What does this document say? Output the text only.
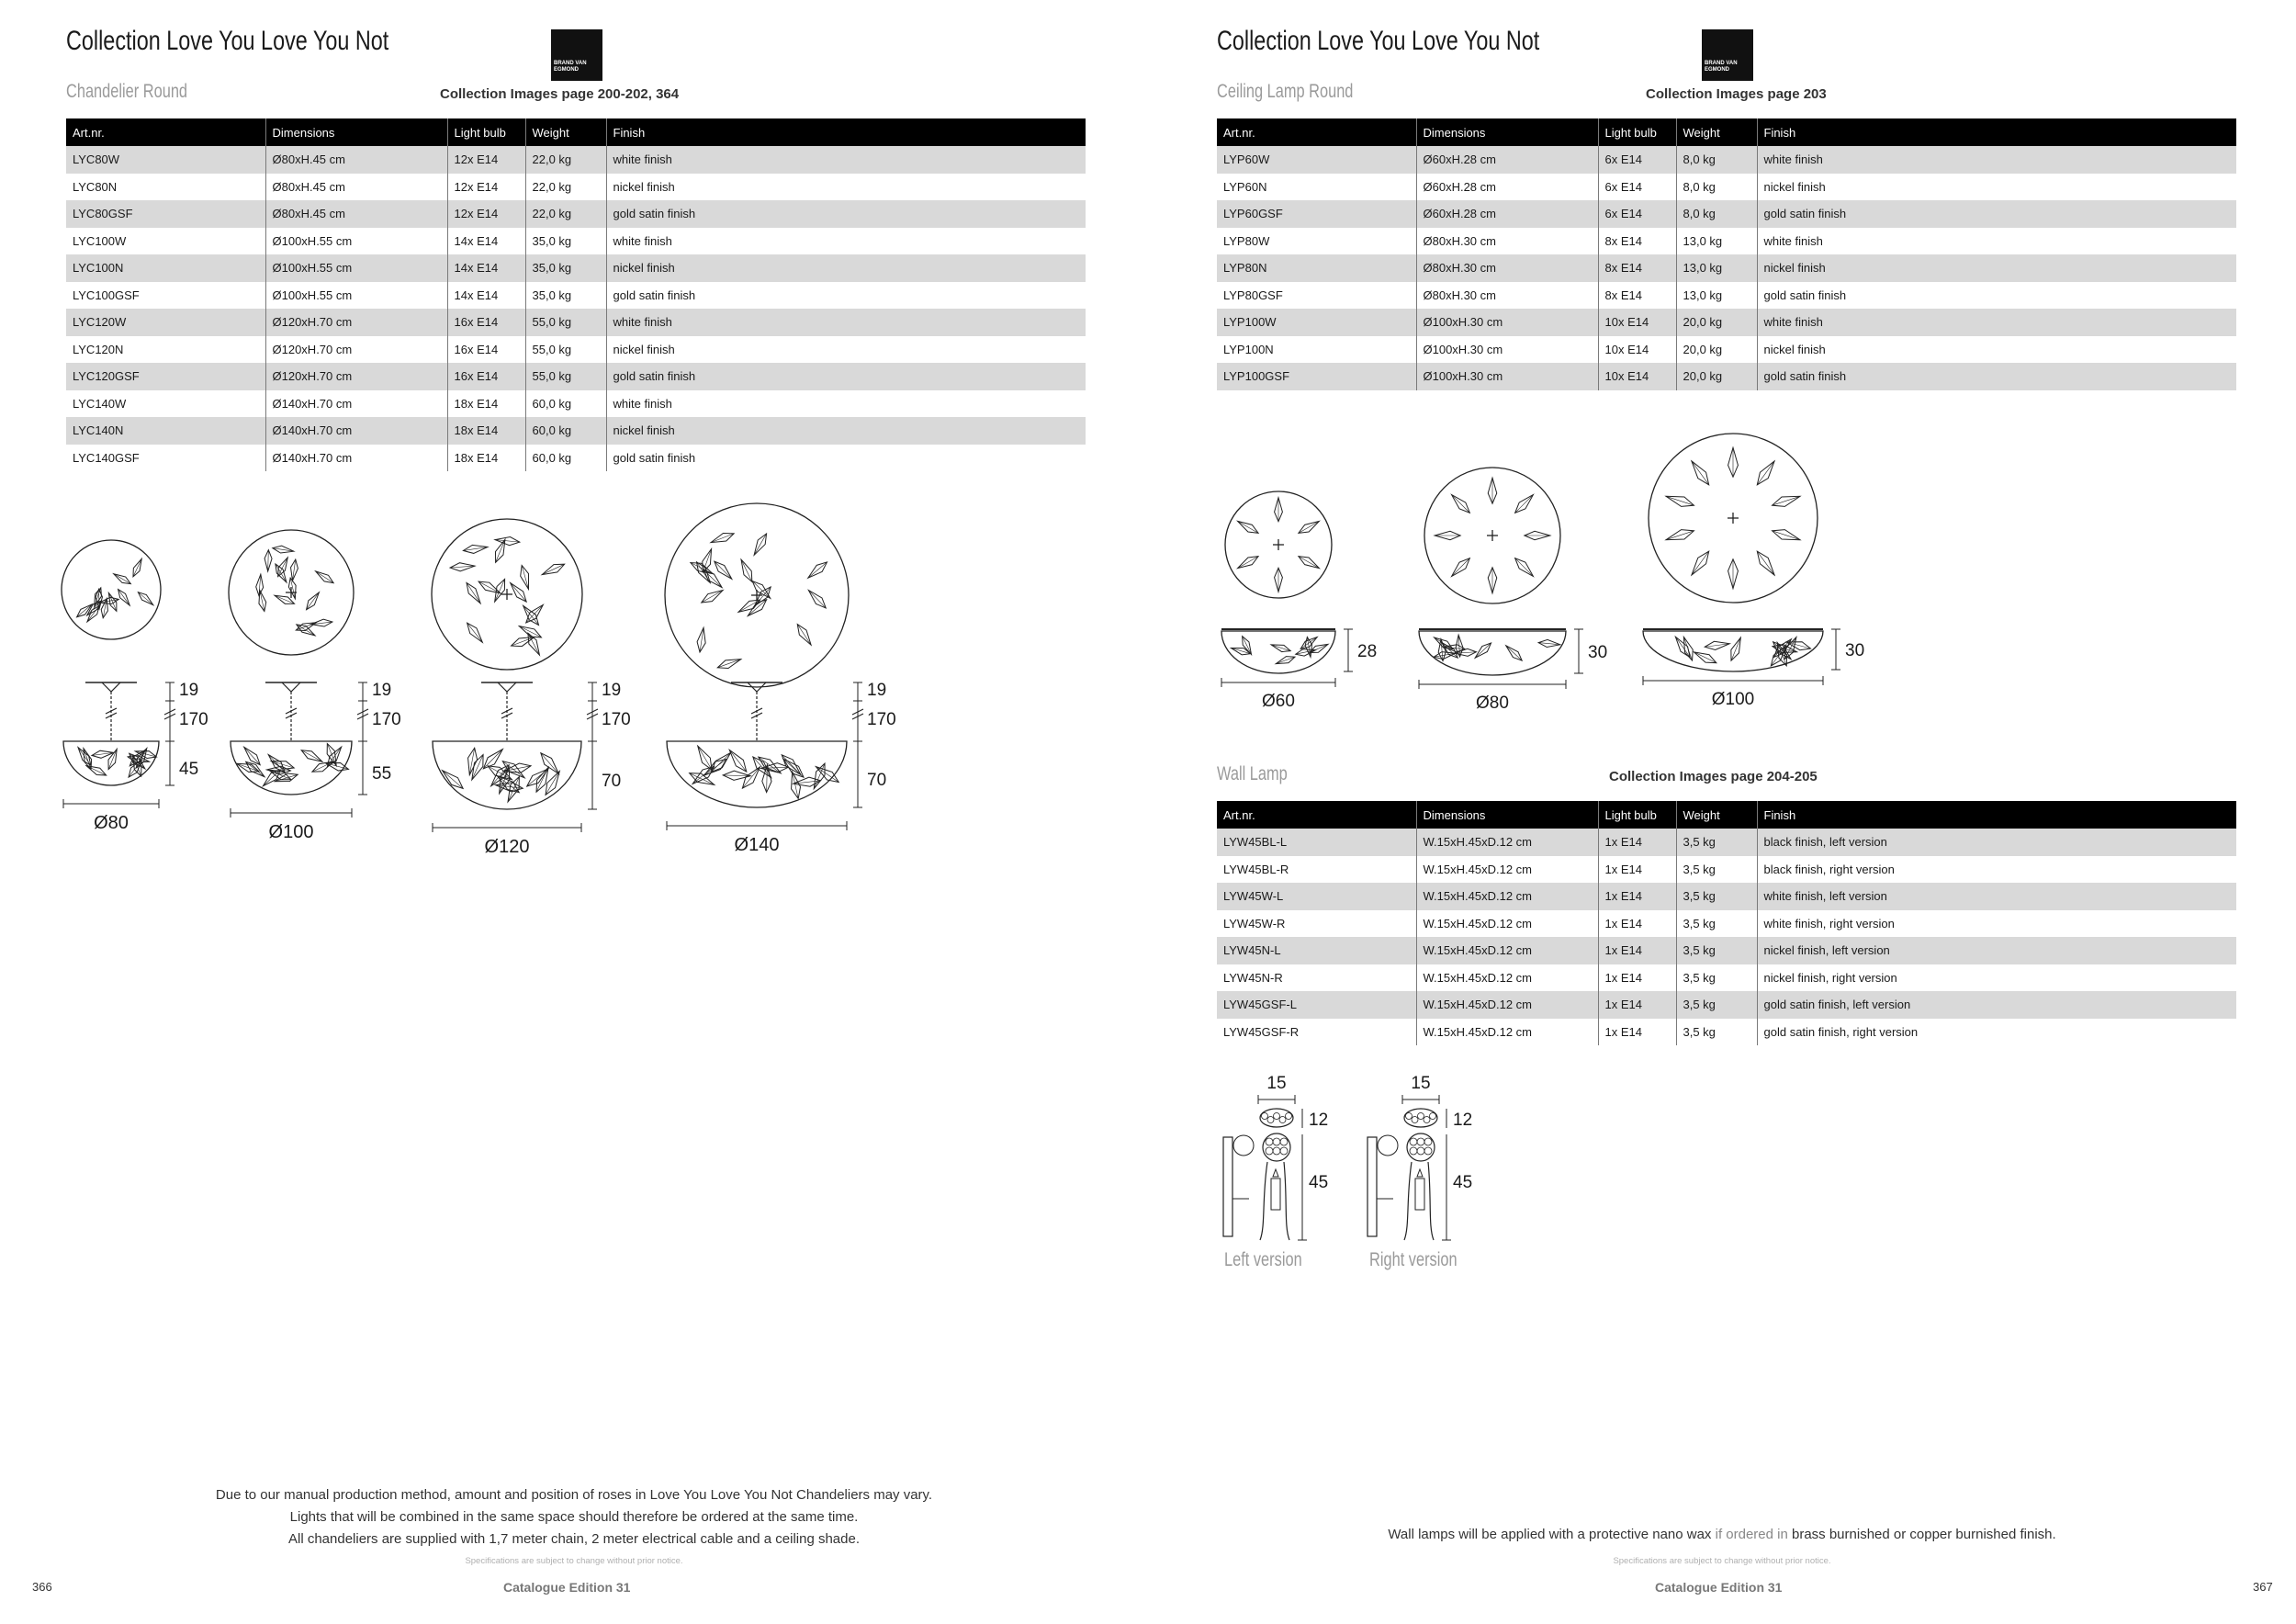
Collection Love You Love You Not
BRAND VAN
EGMOND
Chandelier Round	Collection Images page 200-202, 364
Art.nr.	Dimensions	Light bulb	Weight	Finish
LYC80W	Ø80xH.45 cm	12x E14	22,0 kg	white finish
LYC80N	Ø80xH.45 cm	12x E14	22,0 kg	nickel finish
LYC80GSF	Ø80xH.45 cm	12x E14	22,0 kg	gold satin finish
LYC100W	Ø100xH.55 cm	14x E14	35,0 kg	white finish
LYC100N	Ø100xH.55 cm	14x E14	35,0 kg	nickel finish
LYC100GSF	Ø100xH.55 cm	14x E14	35,0 kg	gold satin finish
LYC120W	Ø120xH.70 cm	16x E14	55,0 kg	white finish
LYC120N	Ø120xH.70 cm	16x E14	55,0 kg	nickel finish
LYC120GSF	Ø120xH.70 cm	16x E14	55,0 kg	gold satin finish
LYC140W	Ø140xH.70 cm	18x E14	60,0 kg	white finish
LYC140N	Ø140xH.70 cm	18x E14	60,0 kg	nickel finish
LYC140GSF	Ø140xH.70 cm	18x E14	60,0 kg	gold satin finish
19
170
45
Ø80
19
170
55
Ø100
19
170
70
Ø120
19
170
70
Ø140
Due to our manual production method, amount and position of roses in Love You Love You Not Chandeliers may vary.
Lights that will be combined in the same space should therefore be ordered at the same time.
All chandeliers are supplied with 1,7 meter chain, 2 meter electrical cable and a ceiling shade.
Specifications are subject to change without prior notice.
366	Catalogue Edition 31
Collection Love You Love You Not
BRAND VAN
EGMOND
Ceiling Lamp Round	Collection Images page 203
Art.nr.	Dimensions	Light bulb	Weight	Finish
LYP60W	Ø60xH.28 cm	6x E14	8,0 kg	white finish
LYP60N	Ø60xH.28 cm	6x E14	8,0 kg	nickel finish
LYP60GSF	Ø60xH.28 cm	6x E14	8,0 kg	gold satin finish
LYP80W	Ø80xH.30 cm	8x E14	13,0 kg	white finish
LYP80N	Ø80xH.30 cm	8x E14	13,0 kg	nickel finish
LYP80GSF	Ø80xH.30 cm	8x E14	13,0 kg	gold satin finish
LYP100W	Ø100xH.30 cm	10x E14	20,0 kg	white finish
LYP100N	Ø100xH.30 cm	10x E14	20,0 kg	nickel finish
LYP100GSF	Ø100xH.30 cm	10x E14	20,0 kg	gold satin finish
28
Ø60
30
Ø80
30
Ø100
Wall Lamp	Collection Images page 204-205
Art.nr.	Dimensions	Light bulb	Weight	Finish
LYW45BL-L	W.15xH.45xD.12 cm	1x E14	3,5 kg	black finish, left version
LYW45BL-R	W.15xH.45xD.12 cm	1x E14	3,5 kg	black finish, right version
LYW45W-L	W.15xH.45xD.12 cm	1x E14	3,5 kg	white finish, left version
LYW45W-R	W.15xH.45xD.12 cm	1x E14	3,5 kg	white finish, right version
LYW45N-L	W.15xH.45xD.12 cm	1x E14	3,5 kg	nickel finish, left version
LYW45N-R	W.15xH.45xD.12 cm	1x E14	3,5 kg	nickel finish, right version
LYW45GSF-L	W.15xH.45xD.12 cm	1x E14	3,5 kg	gold satin finish, left version
LYW45GSF-R	W.15xH.45xD.12 cm	1x E14	3,5 kg	gold satin finish, right version
15
12
45
15
12
45
Left version	Right version
Wall lamps will be applied with a protective nano wax if ordered in brass burnished or copper burnished finish.
Specifications are subject to change without prior notice.
Catalogue Edition 31	367
